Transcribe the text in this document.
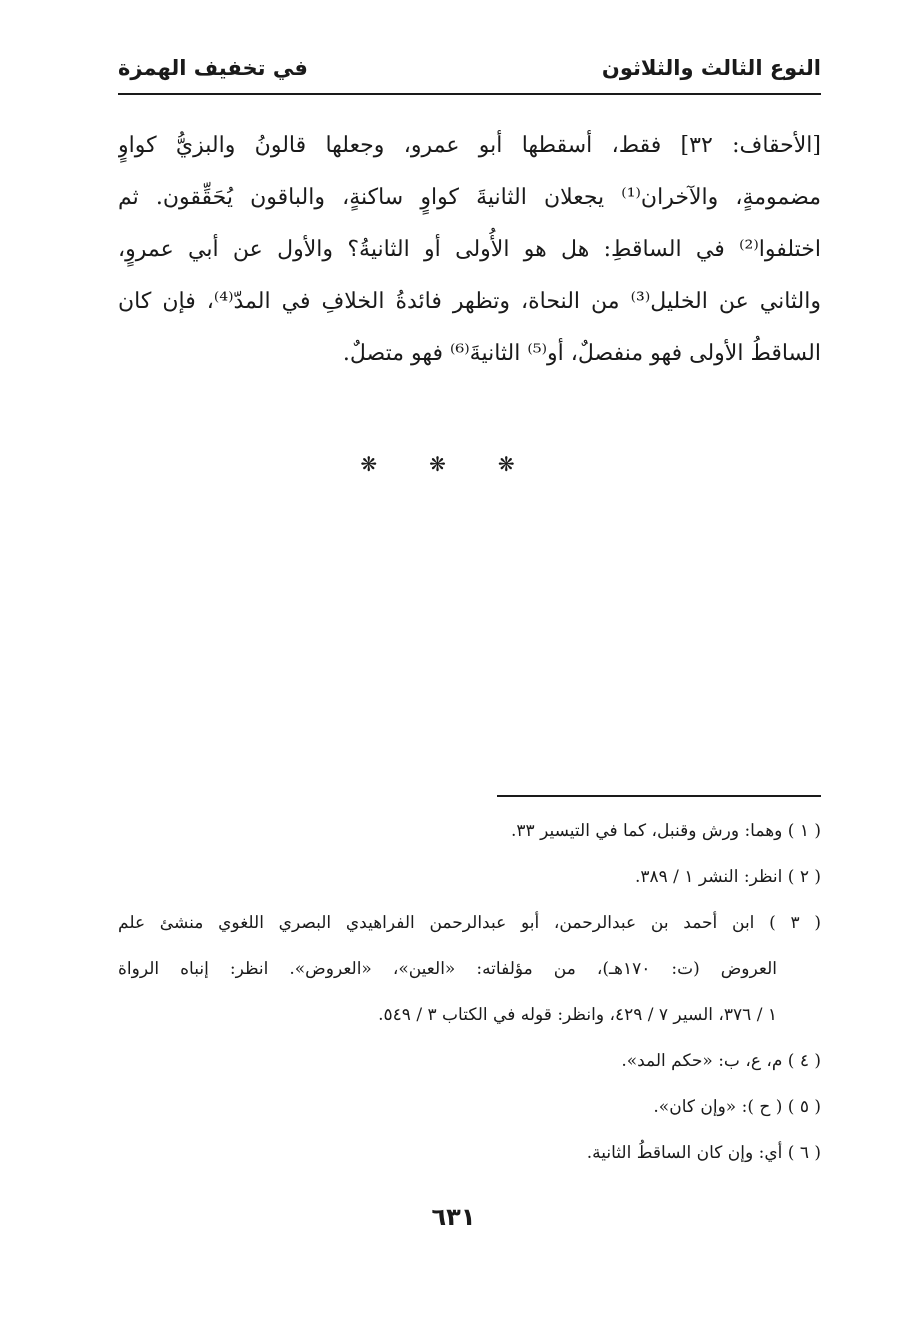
النوع الثالث والثلاثون
في تخفيف الهمزة
[الأحقاف: ٣٢] فقط، أسقطها أبو عمرو، وجعلها قالونُ والبزيُّ كواوٍ
مضمومةٍ، والآخران⁽¹⁾ يجعلان الثانيةَ كواوٍ ساكنةٍ، والباقون يُحَقِّقون. ثم
اختلفوا⁽²⁾ في الساقطِ: هل هو الأُولى أو الثانيةُ؟ والأول عن أبي عمروٍ،
والثاني عن الخليل⁽³⁾ من النحاة، وتظهر فائدةُ الخلافِ في المدّ⁽⁴⁾، فإن كان
الساقطُ الأولى فهو منفصلٌ، أو⁽⁵⁾ الثانيةَ⁽⁶⁾ فهو متصلٌ.
❋ ❋ ❋
( ١ ) وهما: ورش وقنبل، كما في التيسير ٣٣.
( ٢ ) انظر: النشر ١ / ٣٨٩.
( ٣ ) ابن أحمد بن عبدالرحمن، أبو عبدالرحمن الفراهيدي البصري اللغوي منشئ علم
العروض (ت: ١٧٠هـ)، من مؤلفاته: «العين»، «العروض». انظر: إنباه الرواة
١ / ٣٧٦، السير ٧ / ٤٢٩، وانظر: قوله في الكتاب ٣ / ٥٤٩.
( ٤ ) م، ع، ب: «حكم المد».
( ٥ ) ( ح ): «وإن كان».
( ٦ ) أي: وإن كان الساقطُ الثانية.
٦٣١
